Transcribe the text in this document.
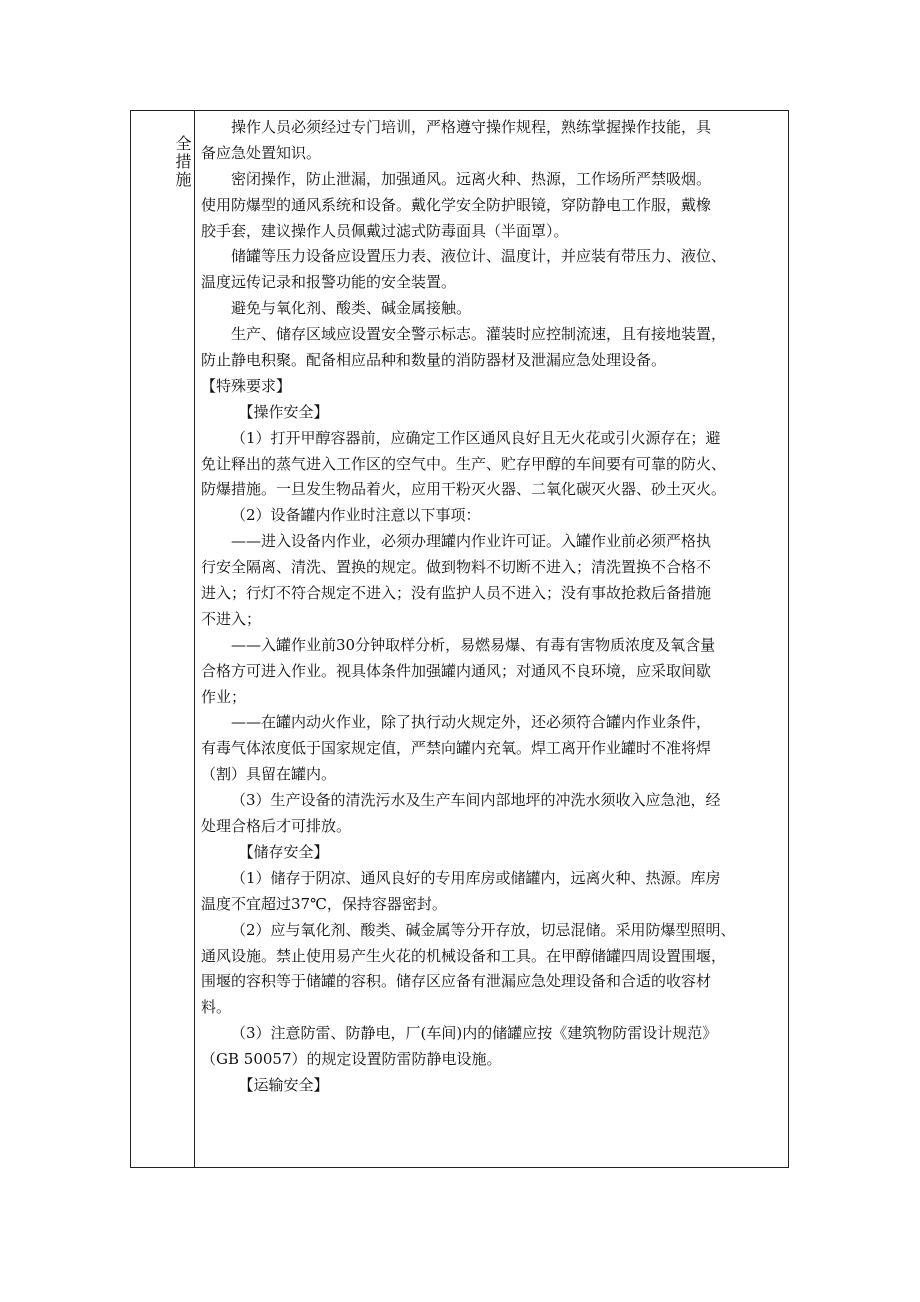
全措施
操作人员必须经过专门培训，严格遵守操作规程，熟练掌握操作技能，具
备应急处置知识。
密闭操作，防止泄漏，加强通风。远离火种、热源，工作场所严禁吸烟。
使用防爆型的通风系统和设备。戴化学安全防护眼镜，穿防静电工作服，戴橡
胶手套，建议操作人员佩戴过滤式防毒面具（半面罩）。
储罐等压力设备应设置压力表、液位计、温度计，并应装有带压力、液位、
温度远传记录和报警功能的安全装置。
避免与氧化剂、酸类、碱金属接触。
生产、储存区域应设置安全警示标志。灌装时应控制流速，且有接地装置，
防止静电积聚。配备相应品种和数量的消防器材及泄漏应急处理设备。
【特殊要求】
【操作安全】
（1）打开甲醇容器前，应确定工作区通风良好且无火花或引火源存在；避
免让释出的蒸气进入工作区的空气中。生产、贮存甲醇的车间要有可靠的防火、
防爆措施。一旦发生物品着火，应用干粉灭火器、二氧化碳灭火器、砂土灭火。
（2）设备罐内作业时注意以下事项：
——进入设备内作业，必须办理罐内作业许可证。入罐作业前必须严格执
行安全隔离、清洗、置换的规定。做到物料不切断不进入；清洗置换不合格不
进入；行灯不符合规定不进入；没有监护人员不进入；没有事故抢救后备措施
不进入；
——入罐作业前30分钟取样分析，易燃易爆、有毒有害物质浓度及氧含量
合格方可进入作业。视具体条件加强罐内通风；对通风不良环境，应采取间歇
作业；
——在罐内动火作业，除了执行动火规定外，还必须符合罐内作业条件，
有毒气体浓度低于国家规定值，严禁向罐内充氧。焊工离开作业罐时不准将焊
（割）具留在罐内。
（3）生产设备的清洗污水及生产车间内部地坪的冲洗水须收入应急池，经
处理合格后才可排放。
【储存安全】
（1）储存于阴凉、通风良好的专用库房或储罐内，远离火种、热源。库房
温度不宜超过37℃，保持容器密封。
（2）应与氧化剂、酸类、碱金属等分开存放，切忌混储。采用防爆型照明、
通风设施。禁止使用易产生火花的机械设备和工具。在甲醇储罐四周设置围堰，
围堰的容积等于储罐的容积。储存区应备有泄漏应急处理设备和合适的收容材
料。
（3）注意防雷、防静电，厂(车间)内的储罐应按《建筑物防雷设计规范》
（GB 50057）的规定设置防雷防静电设施。
【运输安全】
